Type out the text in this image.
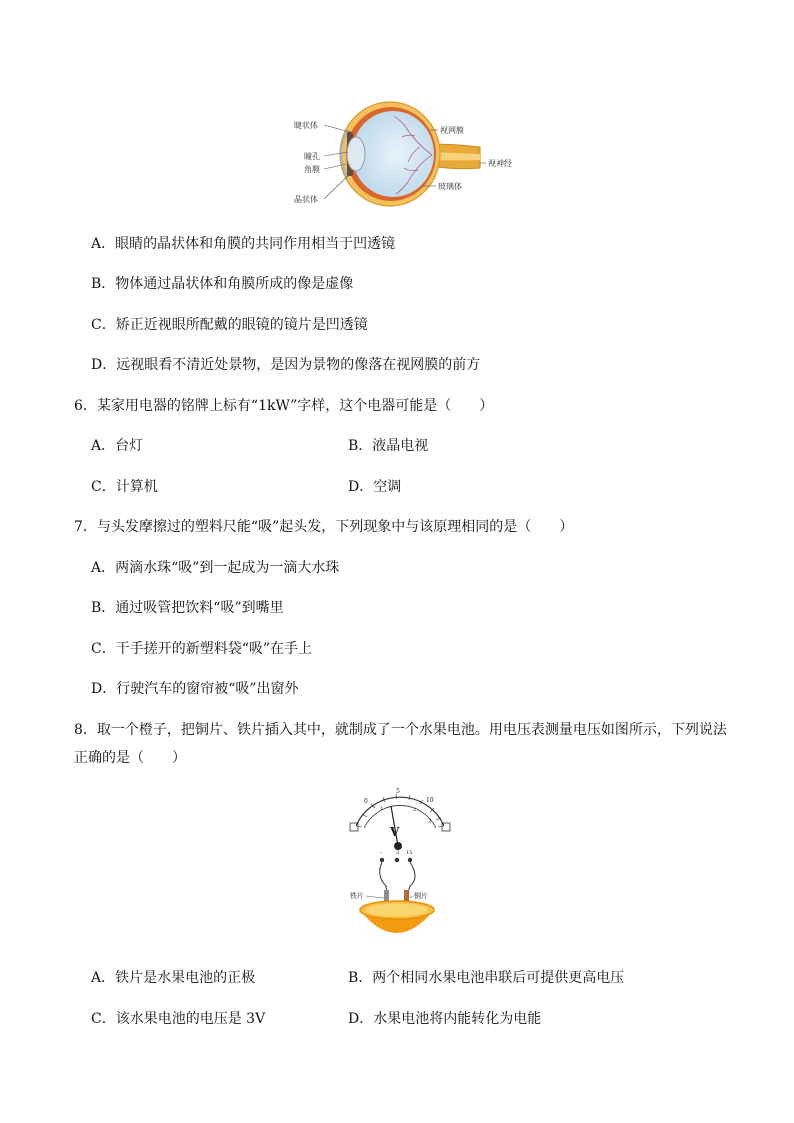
睫状体
瞳孔
角膜
晶状体
视网膜
视神经
玻璃体
A．眼睛的晶状体和角膜的共同作用相当于凹透镜
B．物体通过晶状体和角膜所成的像是虚像
C．矫正近视眼所配戴的眼镜的镜片是凹透镜
D．远视眼看不清近处景物，是因为景物的像落在视网膜的前方
6．某家用电器的铭牌上标有“1kW”字样，这个电器可能是（　　）
A．台灯	B．液晶电视
C．计算机	D．空调
7．与头发摩擦过的塑料尺能“吸”起头发，下列现象中与该原理相同的是（　　）
A．两滴水珠“吸”到一起成为一滴大水珠
B．通过吸管把饮料“吸”到嘴里
C．干手搓开的新塑料袋“吸”在手上
D．行驶汽车的窗帘被“吸”出窗外
8．取一个橙子，把铜片、铁片插入其中，就制成了一个水果电池。用电压表测量电压如图所示，下列说法
正确的是（　　）
0
5
10
1	2
3
V
-	3 15
铁片	铜片
A．铁片是水果电池的正极	B．两个相同水果电池串联后可提供更高电压
C．该水果电池的电压是 3V	D．水果电池将内能转化为电能
